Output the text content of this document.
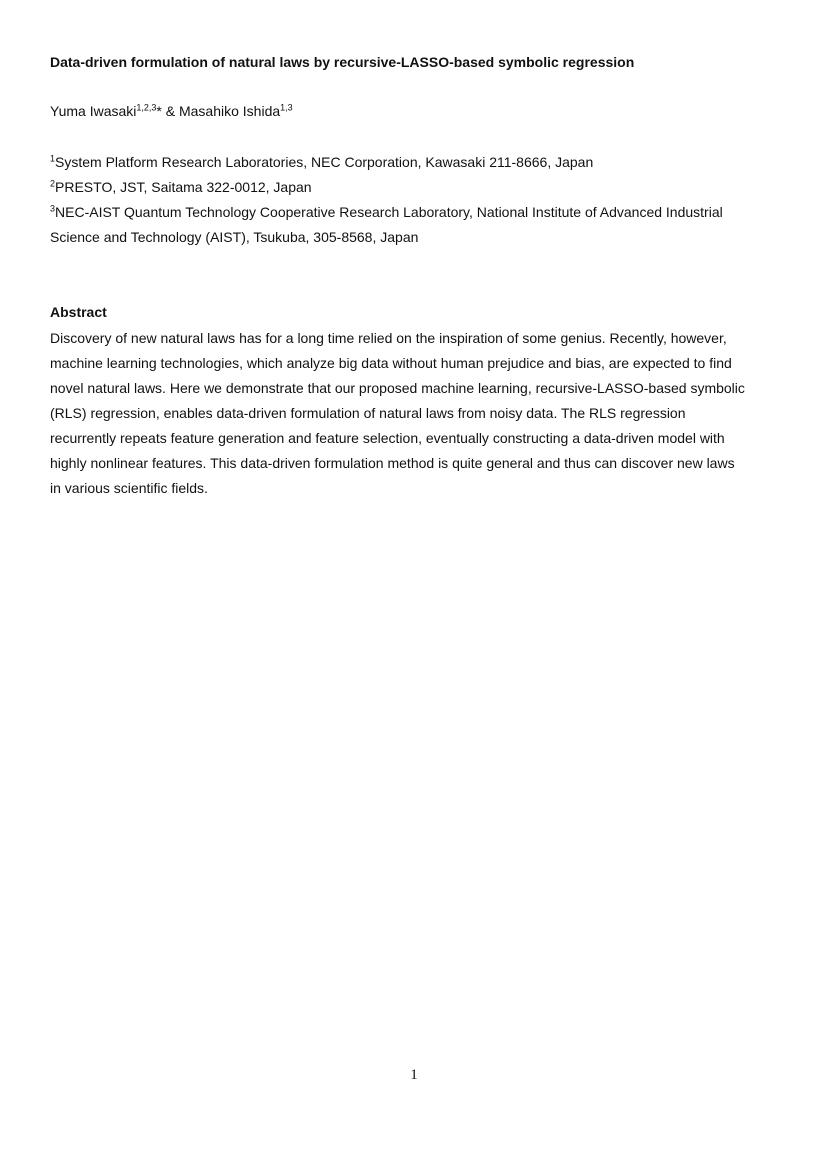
Data-driven formulation of natural laws by recursive-LASSO-based symbolic regression
Yuma Iwasaki$^{1,2,3}$* & Masahiko Ishida$^{1,3}$
$^1$System Platform Research Laboratories, NEC Corporation, Kawasaki 211-8666, Japan
$^2$PRESTO, JST, Saitama 322-0012, Japan
$^3$NEC-AIST Quantum Technology Cooperative Research Laboratory, National Institute of Advanced Industrial
Science and Technology (AIST), Tsukuba, 305-8568, Japan
Abstract
Discovery of new natural laws has for a long time relied on the inspiration of some genius. Recently, however,
machine learning technologies, which analyze big data without human prejudice and bias, are expected to find
novel natural laws. Here we demonstrate that our proposed machine learning, recursive-LASSO-based symbolic
(RLS) regression, enables data-driven formulation of natural laws from noisy data. The RLS regression
recurrently repeats feature generation and feature selection, eventually constructing a data-driven model with
highly nonlinear features. This data-driven formulation method is quite general and thus can discover new laws
in various scientific fields.
1
